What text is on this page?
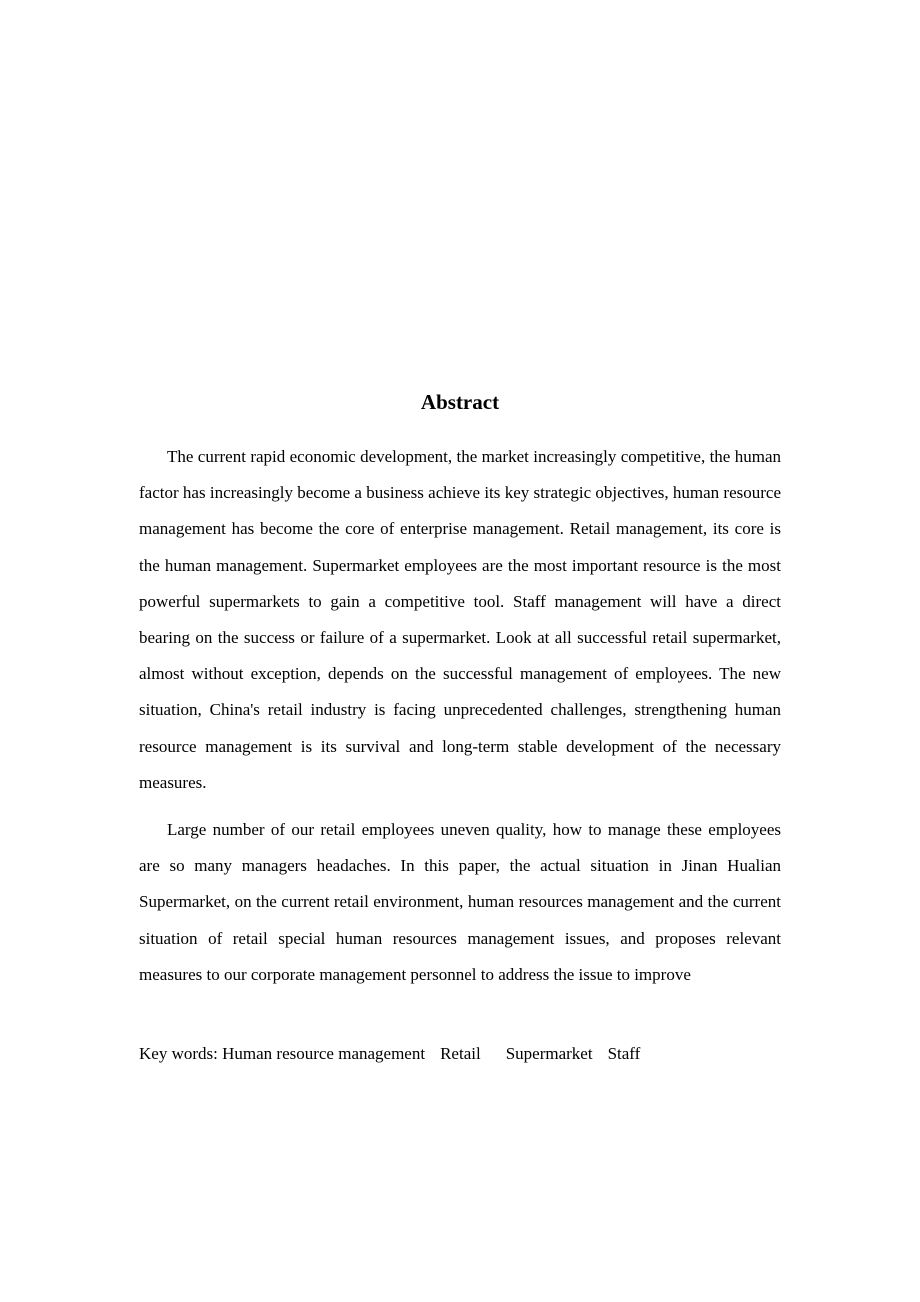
Abstract

The current rapid economic development, the market increasingly competitive, the human factor has increasingly become a business achieve its key strategic objectives, human resource management has become the core of enterprise management. Retail management, its core is the human management. Supermarket employees are the most important resource is the most powerful supermarkets to gain a competitive tool. Staff management will have a direct bearing on the success or failure of a supermarket. Look at all successful retail supermarket, almost without exception, depends on the successful management of employees. The new situation, China's retail industry is facing unprecedented challenges, strengthening human resource management is its survival and long-term stable development of the necessary measures.

Large number of our retail employees uneven quality, how to manage these employees are so many managers headaches. In this paper, the actual situation in Jinan Hualian Supermarket, on the current retail environment, human resources management and the current situation of retail special human resources management issues, and proposes relevant measures to our corporate management personnel to address the issue to improve

Key words: Human resource management Retail Supermarket Staff
